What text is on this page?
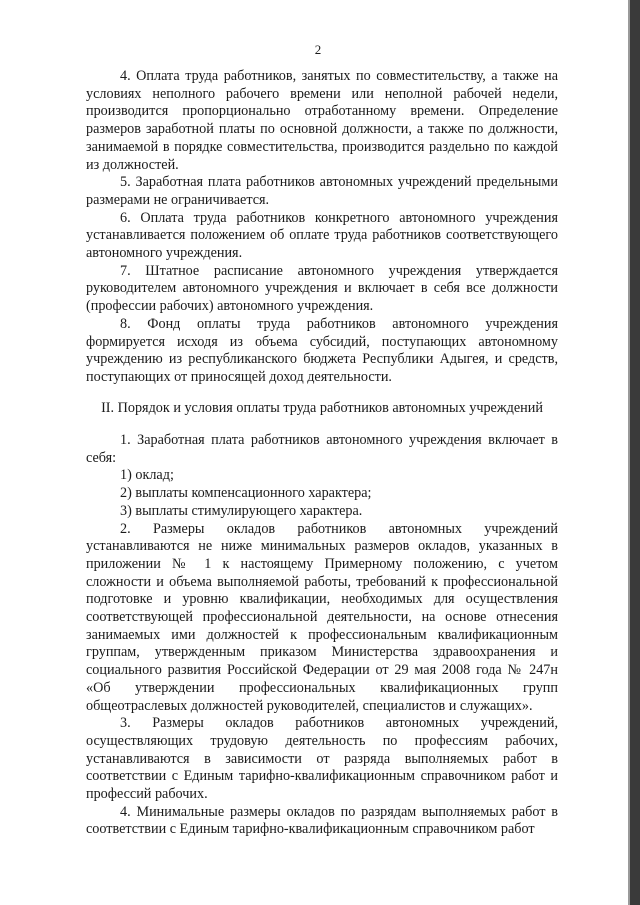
2

4. Оплата труда работников, занятых по совместительству, а также на условиях неполного рабочего времени или неполной рабочей недели, производится пропорционально отработанному времени. Определение размеров заработной платы по основной должности, а также по должности, занимаемой в порядке совместительства, производится раздельно по каждой из должностей.

5. Заработная плата работников автономных учреждений предельными размерами не ограничивается.

6. Оплата труда работников конкретного автономного учреждения устанавливается положением об оплате труда работников соответствующего автономного учреждения.

7. Штатное расписание автономного учреждения утверждается руководителем автономного учреждения и включает в себя все должности (профессии рабочих) автономного учреждения.

8. Фонд оплаты труда работников автономного учреждения формируется исходя из объема субсидий, поступающих автономному учреждению из республиканского бюджета Республики Адыгея, и средств, поступающих от приносящей доход деятельности.

II. Порядок и условия оплаты труда работников автономных учреждений

1. Заработная плата работников автономного учреждения включает в себя:

1) оклад;

2) выплаты компенсационного характера;

3) выплаты стимулирующего характера.

2. Размеры окладов работников автономных учреждений устанавливаются не ниже минимальных размеров окладов, указанных в приложении № 1 к настоящему Примерному положению, с учетом сложности и объема выполняемой работы, требований к профессиональной подготовке и уровню квалификации, необходимых для осуществления соответствующей профессиональной деятельности, на основе отнесения занимаемых ими должностей к профессиональным квалификационным группам, утвержденным приказом Министерства здравоохранения и социального развития Российской Федерации от 29 мая 2008 года № 247н «Об утверждении профессиональных квалификационных групп общеотраслевых должностей руководителей, специалистов и служащих».

3. Размеры окладов работников автономных учреждений, осуществляющих трудовую деятельность по профессиям рабочих, устанавливаются в зависимости от разряда выполняемых работ в соответствии с Единым тарифно-квалификационным справочником работ и профессий рабочих.

4. Минимальные размеры окладов по разрядам выполняемых работ в соответствии с Единым тарифно-квалификационным справочником работ
